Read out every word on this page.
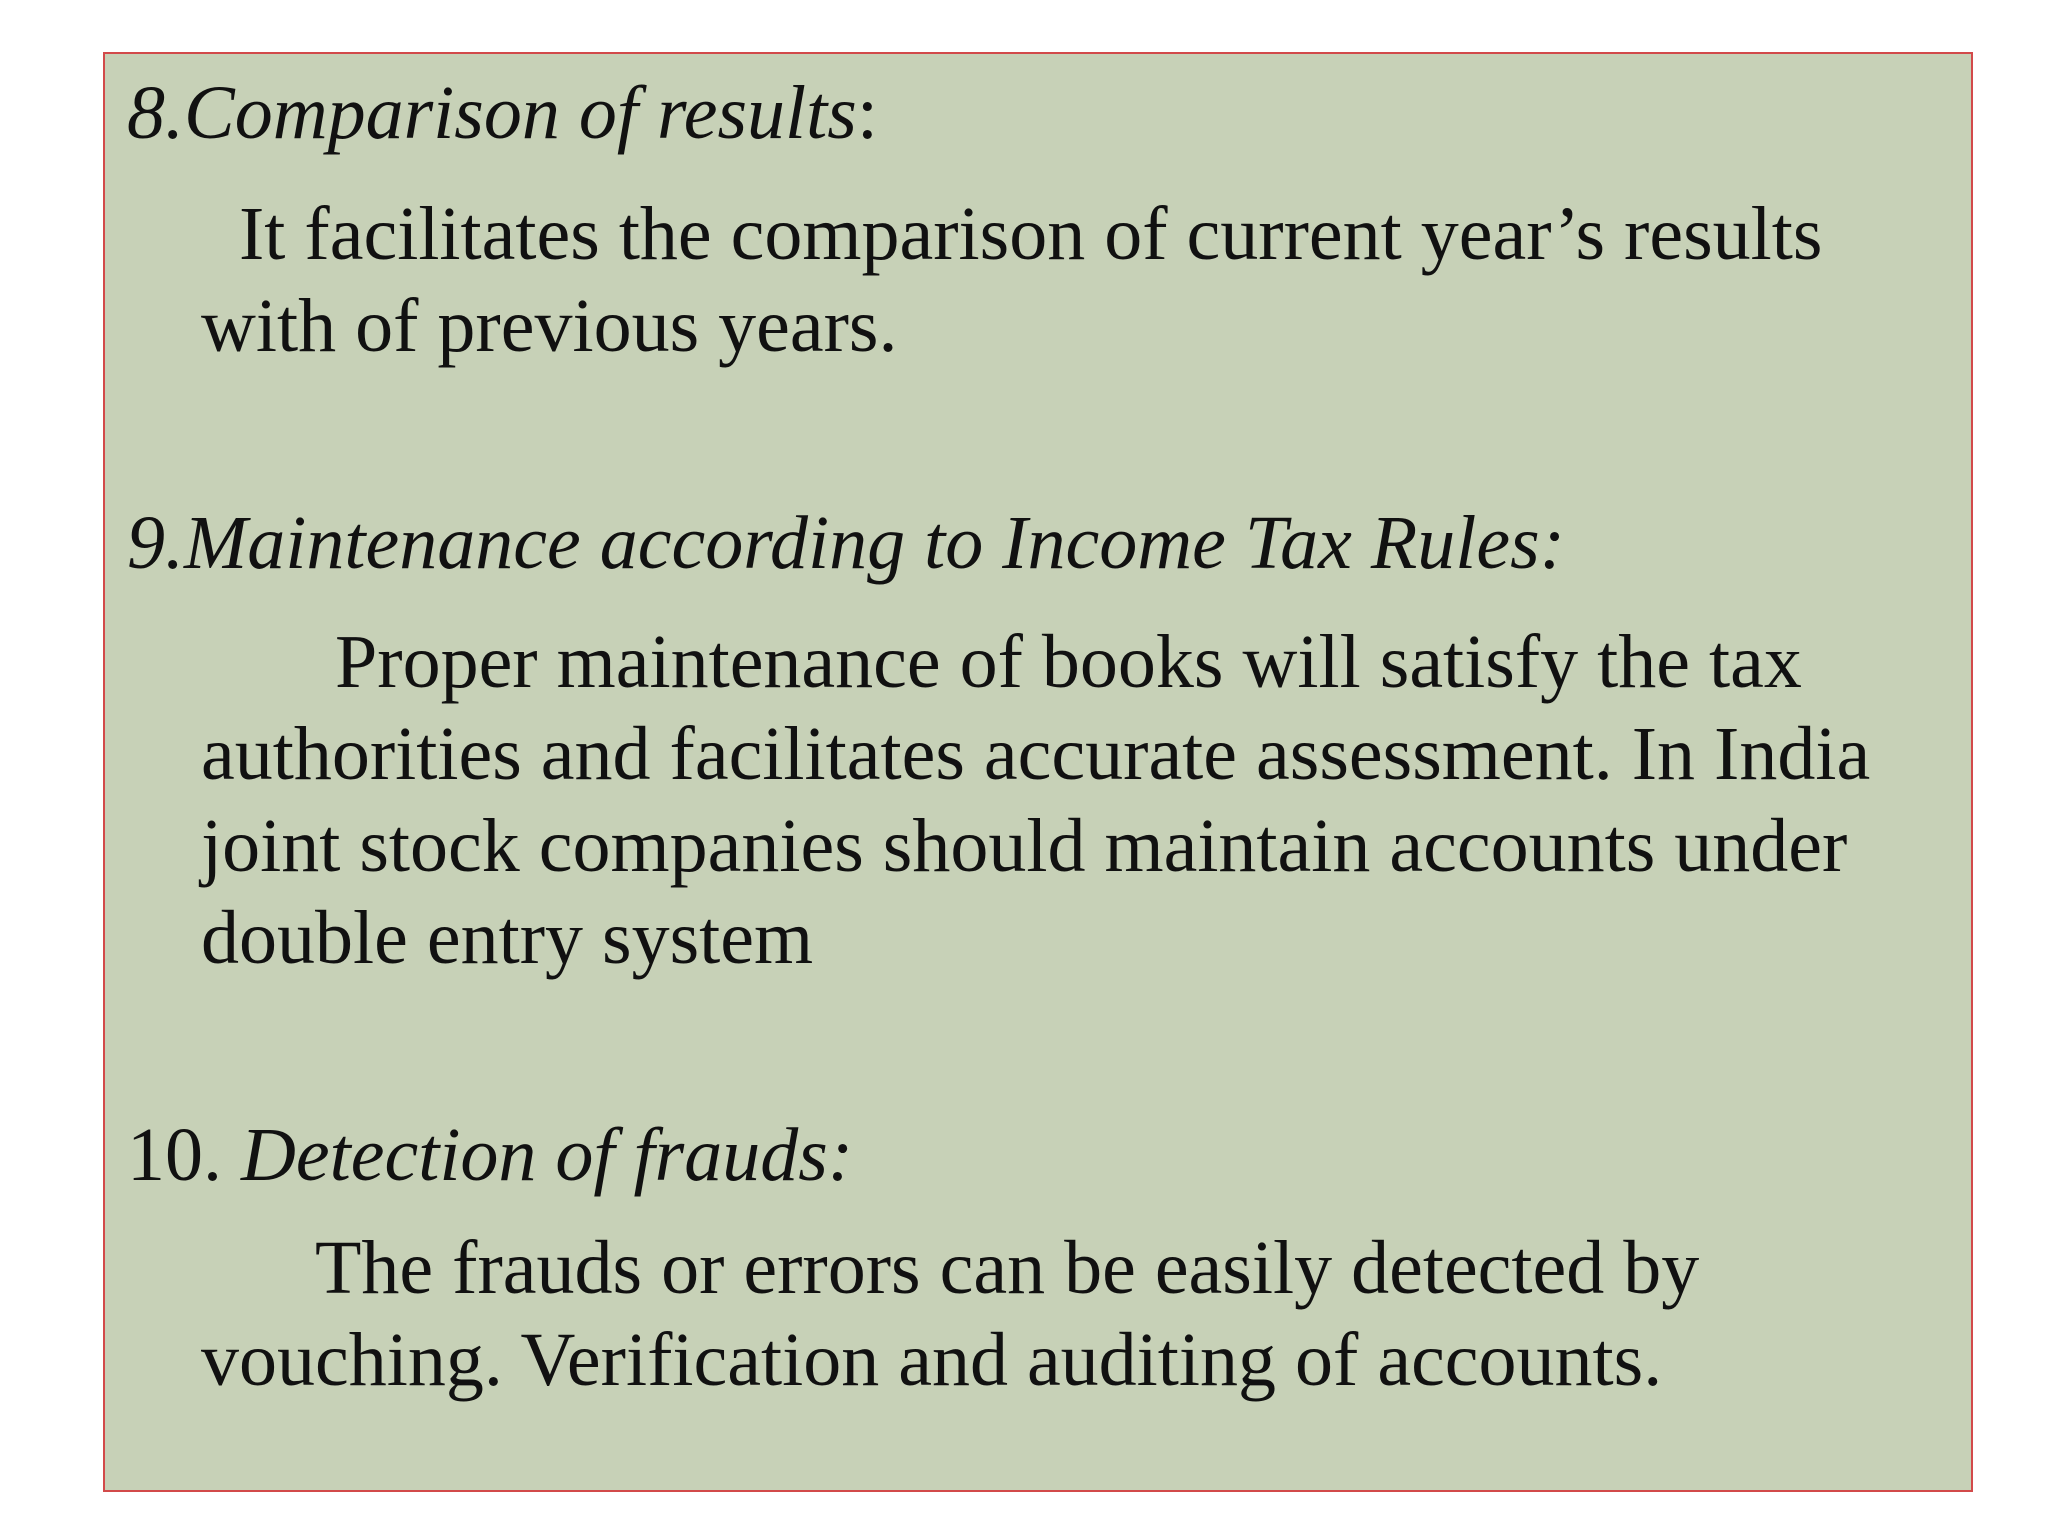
8.Comparison of results:
It facilitates the comparison of current year’s results
with of previous years.
9.Maintenance according to Income Tax Rules:
Proper maintenance of books will satisfy the tax
authorities and facilitates accurate assessment. In India
joint stock companies should maintain accounts under
double entry system
10. Detection of frauds:
The frauds or errors can be easily detected by
vouching. Verification and auditing of accounts.
